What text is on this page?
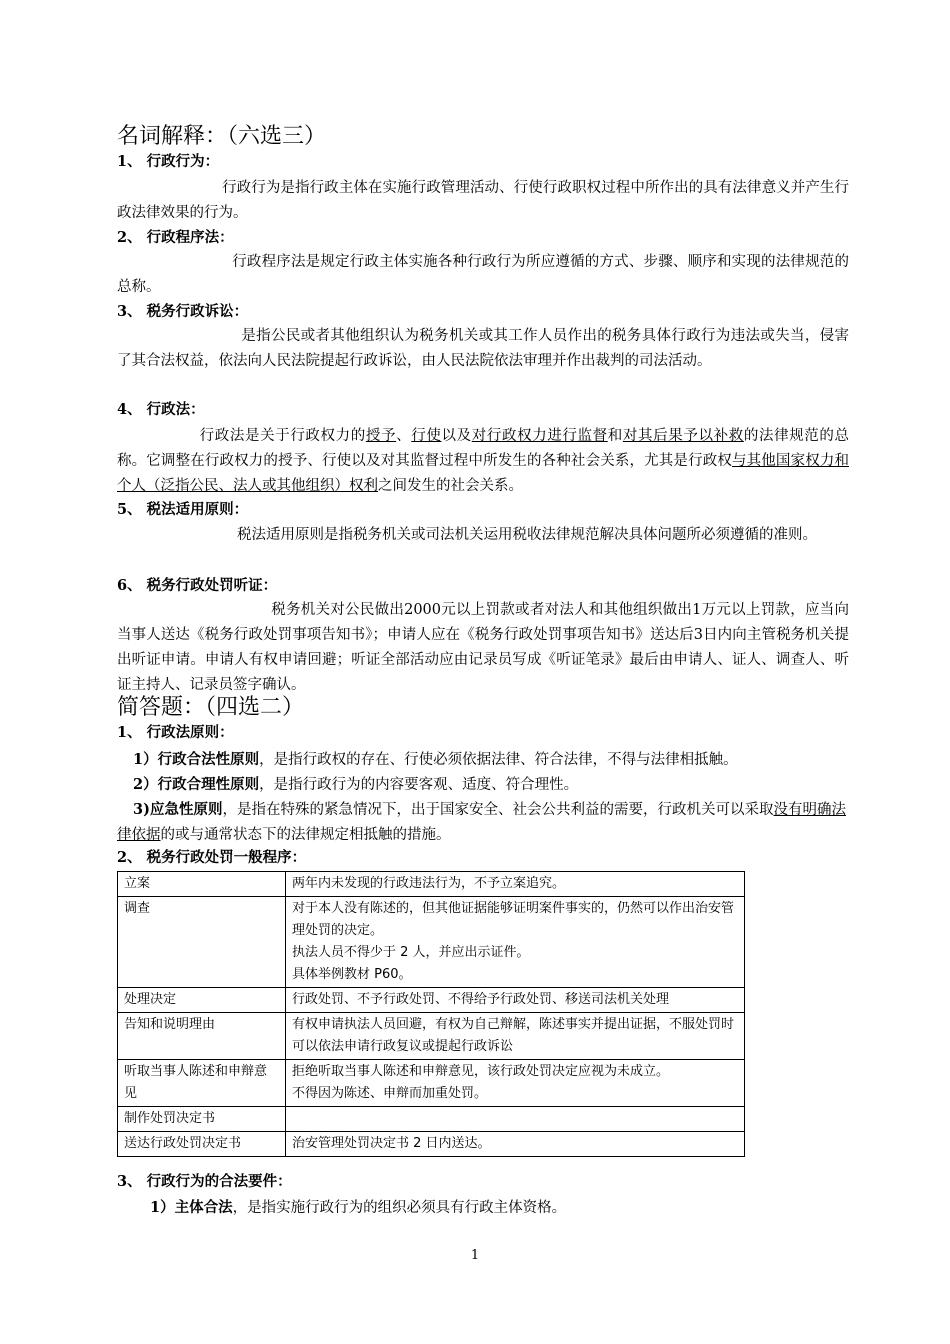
名词解释：（六选三）
1、 行政行为：
行政行为是指行政主体在实施行政管理活动、行使行政职权过程中所作出的具有法律意义并产生行政法律效果的行为。
2、 行政程序法：
行政程序法是规定行政主体实施各种行政行为所应遵循的方式、步骤、顺序和实现的法律规范的总称。
3、 税务行政诉讼：
是指公民或者其他组织认为税务机关或其工作人员作出的税务具体行政行为违法或失当，侵害了其合法权益，依法向人民法院提起行政诉讼，由人民法院依法审理并作出裁判的司法活动。
4、 行政法：
行政法是关于行政权力的授予、行使以及对行政权力进行监督和对其后果予以补救的法律规范的总称。它调整在行政权力的授予、行使以及对其监督过程中所发生的各种社会关系，尤其是行政权与其他国家权力和个人（泛指公民、法人或其他组织）权利之间发生的社会关系。
5、 税法适用原则：
税法适用原则是指税务机关或司法机关运用税收法律规范解决具体问题所必须遵循的准则。
6、 税务行政处罚听证：
税务机关对公民做出2000元以上罚款或者对法人和其他组织做出1万元以上罚款，应当向当事人送达《税务行政处罚事项告知书》；申请人应在《税务行政处罚事项告知书》送达后3日内向主管税务机关提出听证申请。申请人有权申请回避；听证全部活动应由记录员写成《听证笔录》最后由申请人、证人、调查人、听证主持人、记录员签字确认。
简答题：（四选二）
1、 行政法原则：
1）行政合法性原则，是指行政权的存在、行使必须依据法律、符合法律，不得与法律相抵触。
2）行政合理性原则，是指行政行为的内容要客观、适度、符合理性。
3)应急性原则，是指在特殊的紧急情况下，出于国家安全、社会公共利益的需要，行政机关可以采取没有明确法律依据的或与通常状态下的法律规定相抵触的措施。
2、 税务行政处罚一般程序：
立案	两年内未发现的行政违法行为，不予立案追究。

调查	对于本人没有陈述的，但其他证据能够证明案件事实的，仍然可以作出治安管理处罚的决定。
执法人员不得少于 2 人，并应出示证件。
具体举例教材 P60。

处理决定	行政处罚、不予行政处罚、不得给予行政处罚、移送司法机关处理

告知和说明理由	有权申请执法人员回避，有权为自己辩解，陈述事实并提出证据，不服处罚时可以依法申请行政复议或提起行政诉讼

听取当事人陈述和申辩意见	拒绝听取当事人陈述和申辩意见，该行政处罚决定应视为未成立。
不得因为陈述、申辩而加重处罚。

制作处罚决定书	

送达行政处罚决定书	治安管理处罚决定书 2 日内送达。
3、 行政行为的合法要件：
1）主体合法，是指实施行政行为的组织必须具有行政主体资格。
1
